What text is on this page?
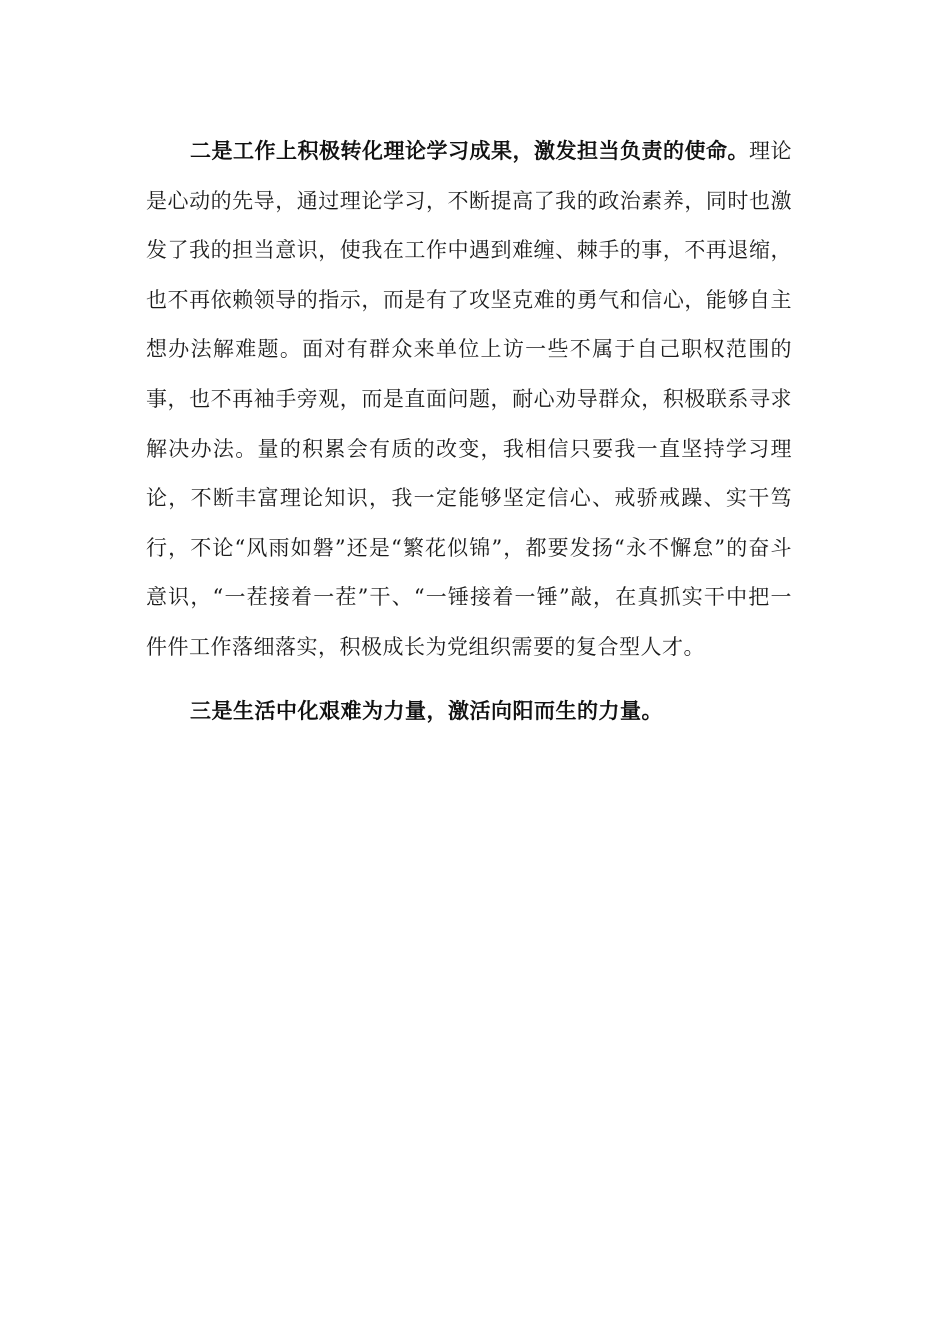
二是工作上积极转化理论学习成果，激发担当负责的使命。理论是心动的先导，通过理论学习，不断提高了我的政治素养，同时也激发了我的担当意识，使我在工作中遇到难缠、棘手的事，不再退缩，也不再依赖领导的指示，而是有了攻坚克难的勇气和信心，能够自主想办法解难题。面对有群众来单位上访一些不属于自己职权范围的事，也不再袖手旁观，而是直面问题，耐心劝导群众，积极联系寻求解决办法。量的积累会有质的改变，我相信只要我一直坚持学习理论，不断丰富理论知识，我一定能够坚定信心、戒骄戒躁、实干笃行，不论“风雨如磐”还是“繁花似锦”，都要发扬“永不懈怠”的奋斗意识，“一茬接着一茬”干、“一锤接着一锤”敲，在真抓实干中把一件件工作落细落实，积极成长为党组织需要的复合型人才。

三是生活中化艰难为力量，激活向阳而生的力量。
